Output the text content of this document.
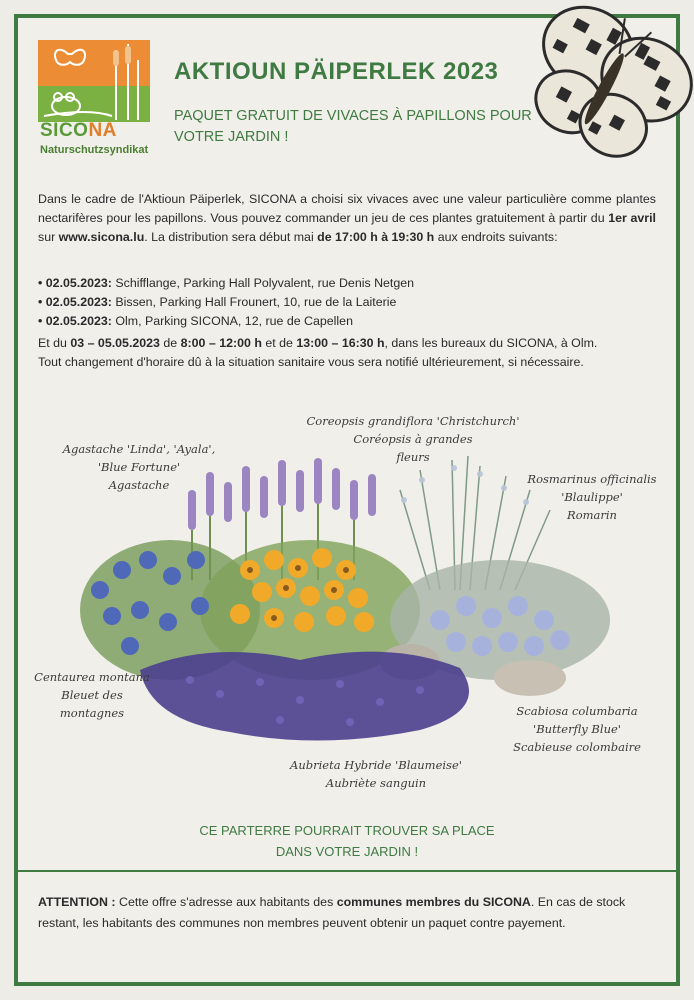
SICONA
Naturschutzsyndikat
AKTIOUN PÄIPERLEK 2023
PAQUET GRATUIT DE VIVACES À PAPILLONS POUR VOTRE JARDIN !
Dans le cadre de l'Aktioun Päiperlek, SICONA a choisi six vivaces avec une valeur particulière comme plantes nectarifères pour les papillons. Vous pouvez commander un jeu de ces plantes gratuitement à partir du 1er avril sur www.sicona.lu. La distribution sera début mai de 17:00 h à 19:30 h aux endroits suivants:
• 02.05.2023: Schifflange, Parking Hall Polyvalent, rue Denis Netgen
• 02.05.2023: Bissen, Parking Hall Frounert, 10, rue de la Laiterie
• 02.05.2023: Olm, Parking SICONA, 12, rue de Capellen
Et du 03 – 05.05.2023 de 8:00 – 12:00 h et de 13:00 – 16:30 h, dans les bureaux du SICONA, à Olm.
Tout changement d'horaire dû à la situation sanitaire vous sera notifié ultérieurement, si nécessaire.
Agastache 'Linda', 'Ayala',
'Blue Fortune'
Agastache
Coreopsis grandiflora 'Christchurch'
Coréopsis à grandes
fleurs
Rosmarinus officinalis
'Blaulippe'
Romarin
Centaurea montana
Bleuet des
montagnes	Scabiosa columbaria
'Butterfly Blue'
Scabieuse colombaire
Aubrieta Hybride 'Blaumeise'
Aubriète sanguin
CE PARTERRE POURRAIT TROUVER SA PLACE
DANS VOTRE JARDIN !
ATTENTION : Cette offre s'adresse aux habitants des communes membres du SICONA. En cas de stock restant, les habitants des communes non membres peuvent obtenir un paquet contre payement.
